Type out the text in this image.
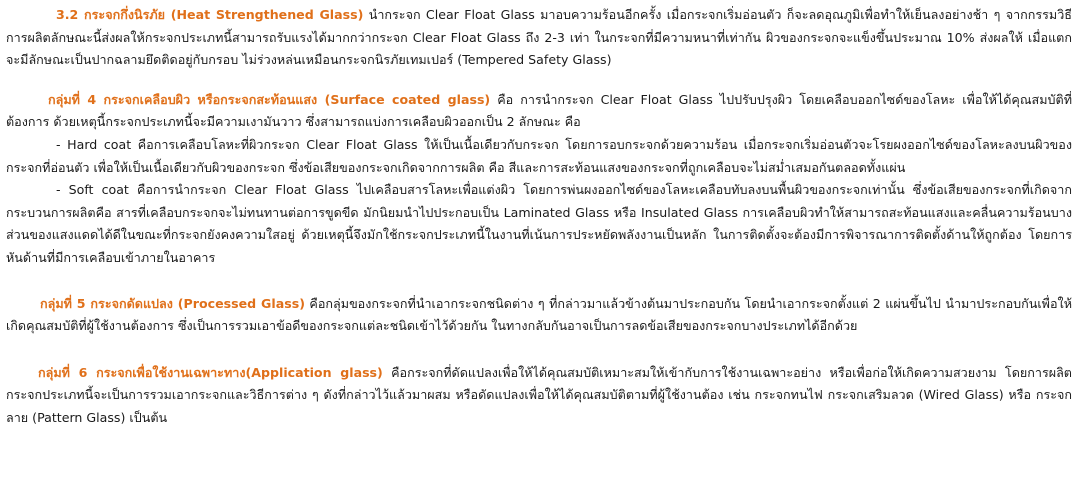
3.2 กระจกกึ่งนิรภัย (Heat Strengthened Glass) นำกระจก Clear Float Glass มาอบความร้อนอีกครั้ง เมื่อกระจกเริ่มอ่อนตัว ก็จะลดอุณภูมิเพื่อทำให้เย็นลงอย่างช้า ๆ จากกรรมวิธี การผลิตลักษณะนี้ส่งผลให้กระจกประเภทนี้สามารถรับแรงได้มากกว่ากระจก Clear Float Glass ถึง 2-3 เท่า ในกระจกที่มีความหนาที่เท่ากัน ผิวของกระจกจะแข็งขึ้นประมาณ 10% ส่งผลให้ เมื่อแตกจะมีลักษณะเป็นปากฉลามยึดติดอยู่กับกรอบ ไม่ร่วงหล่นเหมือนกระจกนิรภัยเทมเปอร์ (Tempered Safety Glass)

กลุ่มที่ 4 กระจกเคลือบผิว หรือกระจกสะท้อนแสง (Surface coated glass) คือ การนำกระจก Clear Float Glass ไปปรับปรุงผิว โดยเคลือบออกไซด์ของโลหะ เพื่อให้ได้คุณสมบัติที่ต้องการ ด้วยเหตุนี้กระจกประเภทนี้จะมีความเงามันวาว ซึ่งสามารถแบ่งการเคลือบผิวออกเป็น 2 ลักษณะ คือ

- Hard coat คือการเคลือบโลหะที่ผิวกระจก Clear Float Glass ให้เป็นเนื้อเดียวกับกระจก โดยการอบกระจกด้วยความร้อน เมื่อกระจกเริ่มอ่อนตัวจะโรยผงออกไซด์ของโลหะลงบนผิวของกระจกที่อ่อนตัว เพื่อให้เป็นเนื้อเดียวกับผิวของกระจก ซึ่งข้อเสียของกระจกเกิดจากการผลิต คือ สีและการสะท้อนแสงของกระจกที่ถูกเคลือบจะไม่สม่ำเสมอกันตลอดทั้งแผ่น

- Soft coat คือการนำกระจก Clear Float Glass ไปเคลือบสารโลหะเพื่อแต่งผิว โดยการพ่นผงออกไซด์ของโลหะเคลือบทับลงบนพื้นผิวของกระจกเท่านั้น ซึ่งข้อเสียของกระจกที่เกิดจากกระบวนการผลิตคือ สารที่เคลือบกระจกจะไม่ทนทานต่อการขูดขีด มักนิยมนำไปประกอบเป็น Laminated Glass หรือ Insulated Glass การเคลือบผิวทำให้สามารถสะท้อนแสงและคลื่นความร้อนบางส่วนของแสงแดดได้ดีในขณะที่กระจกยังคงความใสอยู่ ด้วยเหตุนี้จึงมักใช้กระจกประเภทนี้ในงานที่เน้นการประหยัดพลังงานเป็นหลัก ในการติดตั้งจะต้องมีการพิจารณาการติดตั้งด้านให้ถูกต้อง โดยการหันด้านที่มีการเคลือบเข้าภายในอาคาร

กลุ่มที่ 5 กระจกดัดแปลง (Processed Glass) คือกลุ่มของกระจกที่นำเอากระจกชนิดต่าง ๆ ที่กล่าวมาแล้วข้างต้นมาประกอบกัน โดยนำเอากระจกตั้งแต่ 2 แผ่นขึ้นไป นำมาประกอบกันเพื่อให้เกิดคุณสมบัติที่ผู้ใช้งานต้องการ ซึ่งเป็นการรวมเอาข้อดีของกระจกแต่ละชนิดเข้าไว้ด้วยกัน ในทางกลับกันอาจเป็นการลดข้อเสียของกระจกบางประเภทได้อีกด้วย

กลุ่มที่ 6 กระจกเพื่อใช้งานเฉพาะทาง(Application glass) คือกระจกที่ดัดแปลงเพื่อให้ได้คุณสมบัติเหมาะสมให้เข้ากับการใช้งานเฉพาะอย่าง หรือเพื่อก่อให้เกิดความสวยงาม โดยการผลิตกระจกประเภทนี้จะเป็นการรวมเอากระจกและวิธีการต่าง ๆ ดังที่กล่าวไว้แล้วมาผสม หรือดัดแปลงเพื่อให้ได้คุณสมบัติตามที่ผู้ใช้งานต้อง เช่น กระจกทนไฟ กระจกเสริมลวด (Wired Glass) หรือ กระจกลาย (Pattern Glass) เป็นต้น
